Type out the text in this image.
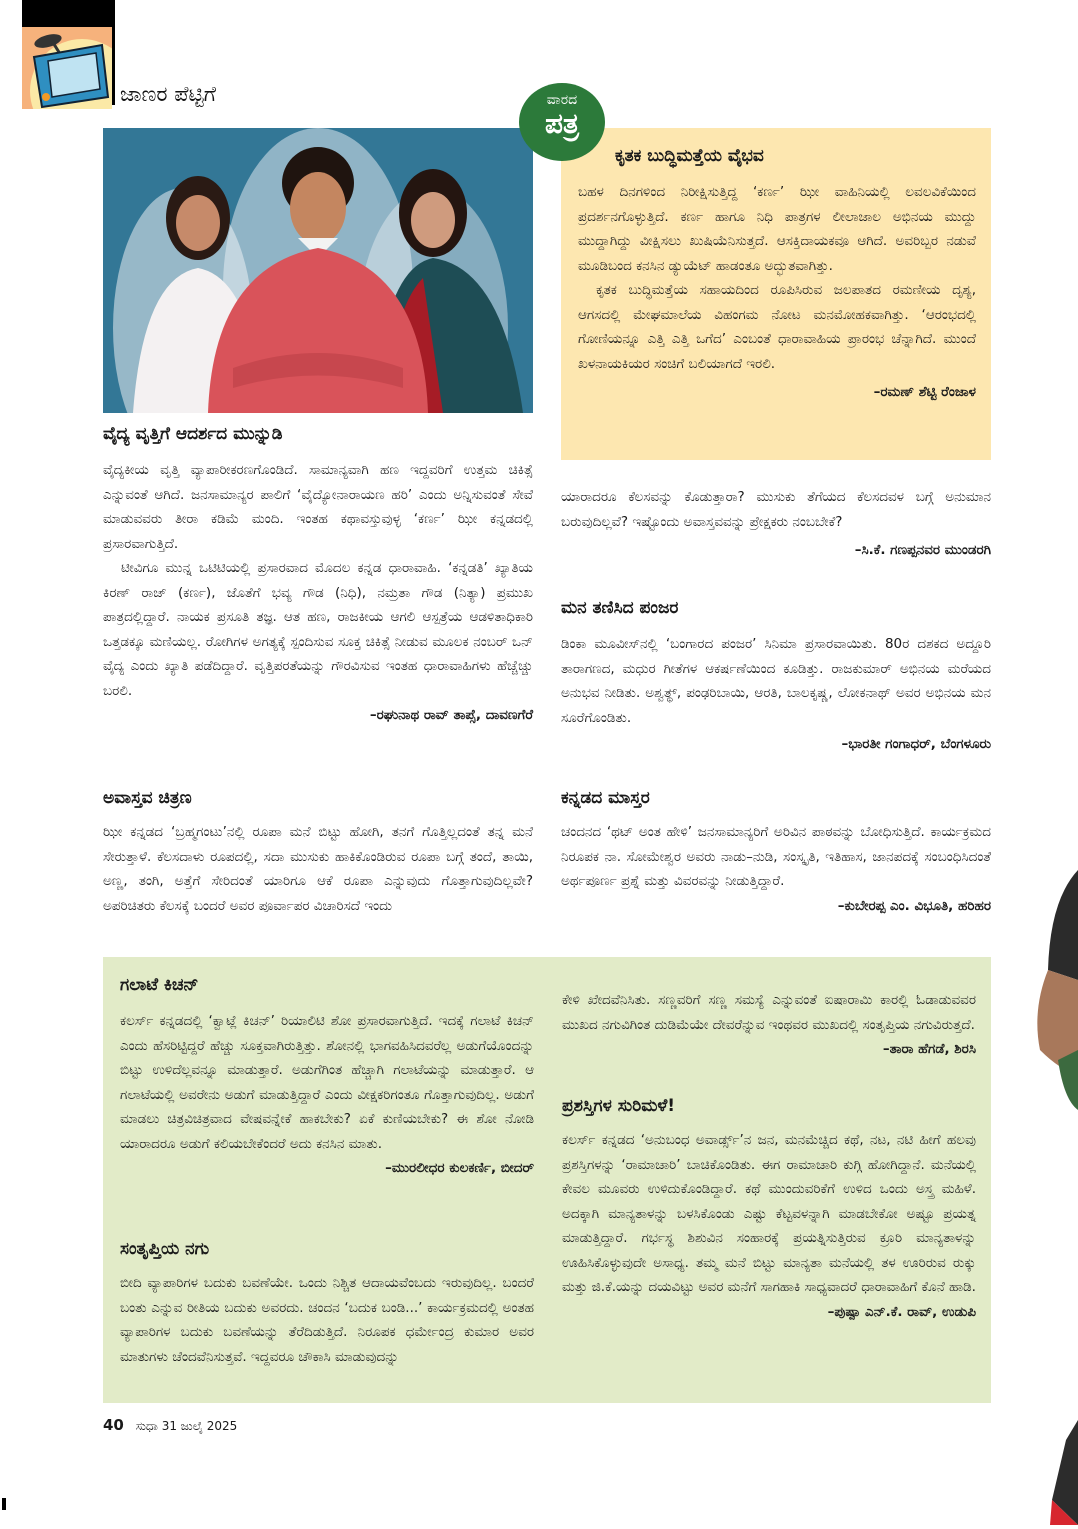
ಜಾಣರ ಪೆಟ್ಟಿಗೆ	ವಾರದ
ಪತ್ರ
ಕೃತಕ ಬುದ್ಧಿಮತ್ತೆಯ ವೈಭವ

ಬಹಳ ದಿನಗಳಿಂದ ನಿರೀಕ್ಷಿಸುತ್ತಿದ್ದ ‘ಕರ್ಣ’ ಝೀ ವಾಹಿನಿಯಲ್ಲಿ ಲವಲವಿಕೆಯಿಂದ ಪ್ರದರ್ಶನಗೊಳ್ಳುತ್ತಿದೆ. ಕರ್ಣ ಹಾಗೂ ನಿಧಿ ಪಾತ್ರಗಳ ಲೀಲಾಜಾಲ ಅಭಿನಯ ಮುದ್ದು ಮುದ್ದಾಗಿದ್ದು ವೀಕ್ಷಿಸಲು ಖುಷಿಯೆನಿಸುತ್ತದೆ. ಆಸಕ್ತಿದಾಯಕವೂ ಆಗಿದೆ. ಅವರಿಬ್ಬರ ನಡುವೆ ಮೂಡಿಬಂದ ಕನಸಿನ ಡ್ಯುಯೆಟ್ ಹಾಡಂತೂ ಅದ್ಭುತವಾಗಿತ್ತು.

ಕೃತಕ ಬುದ್ಧಿಮತ್ತೆಯ ಸಹಾಯದಿಂದ ರೂಪಿಸಿರುವ ಜಲಪಾತದ ರಮಣೀಯ ದೃಶ್ಯ, ಆಗಸದಲ್ಲಿ ಮೇಘಮಾಲೆಯ ವಿಹಂಗಮ ನೋಟ ಮನಮೋಹಕವಾಗಿತ್ತು. ‘ಆರಂಭದಲ್ಲಿ ಗೋಣಿಯನ್ನೂ ಎತ್ತಿ ಎತ್ತಿ ಒಗೆದ’ ಎಂಬಂತೆ ಧಾರಾವಾಹಿಯ ಪ್ರಾರಂಭ ಚೆನ್ನಾಗಿದೆ. ಮುಂದೆ ಖಳನಾಯಕಿಯರ ಸಂಚಿಗೆ ಬಲಿಯಾಗದೆ ಇರಲಿ.

–ರಮಣ್ ಶೆಟ್ಟಿ ರೆಂಜಾಳ

ವೈದ್ಯ ವೃತ್ತಿಗೆ ಆದರ್ಶದ ಮುನ್ನುಡಿ

ವೈದ್ಯಕೀಯ ವೃತ್ತಿ ವ್ಯಾಪಾರೀಕರಣಗೊಂಡಿದೆ. ಸಾಮಾನ್ಯವಾಗಿ ಹಣ ಇದ್ದವರಿಗೆ ಉತ್ತಮ ಚಿಕಿತ್ಸೆ ಎನ್ನುವಂತೆ ಆಗಿದೆ. ಜನಸಾಮಾನ್ಯರ ಪಾಲಿಗೆ ‘ವೈದ್ಯೋನಾರಾಯಣ ಹರಿ’ ಎಂದು ಅನ್ನಿಸುವಂತೆ ಸೇವೆ ಮಾಡುವವರು ತೀರಾ ಕಡಿಮೆ ಮಂದಿ. ಇಂತಹ ಕಥಾವಸ್ತುವುಳ್ಳ ‘ಕರ್ಣ’ ಝೀ ಕನ್ನಡದಲ್ಲಿ ಪ್ರಸಾರವಾಗುತ್ತಿದೆ.

ಟೀವಿಗೂ ಮುನ್ನ ಒಟಿಟಿಯಲ್ಲಿ ಪ್ರಸಾರವಾದ ಮೊದಲ ಕನ್ನಡ ಧಾರಾವಾಹಿ. ‘ಕನ್ನಡತಿ’ ಖ್ಯಾತಿಯ ಕಿರಣ್ ರಾಜ್ (ಕರ್ಣ), ಜೊತೆಗೆ ಭವ್ಯ ಗೌಡ (ನಿಧಿ), ನಮ್ರತಾ ಗೌಡ (ನಿತ್ಯಾ) ಪ್ರಮುಖ ಪಾತ್ರದಲ್ಲಿದ್ದಾರೆ. ನಾಯಕ ಪ್ರಸೂತಿ ತಜ್ಞ. ಆತ ಹಣ, ರಾಜಕೀಯ ಆಗಲಿ ಆಸ್ಪತ್ರೆಯ ಆಡಳಿತಾಧಿಕಾರಿ ಒತ್ತಡಕ್ಕೂ ಮಣಿಯಲ್ಲ. ರೋಗಿಗಳ ಅಗತ್ಯಕ್ಕೆ ಸ್ಪಂದಿಸುವ ಸೂಕ್ತ ಚಿಕಿತ್ಸೆ ನೀಡುವ ಮೂಲಕ ನಂಬರ್ ಒನ್ ವೈದ್ಯ ಎಂದು ಖ್ಯಾತಿ ಪಡೆದಿದ್ದಾರೆ. ವೃತ್ತಿಪರತೆಯನ್ನು ಗೌರವಿಸುವ ಇಂತಹ ಧಾರಾವಾಹಿಗಳು ಹೆಚ್ಚೆಚ್ಚು ಬರಲಿ.

–ರಘುನಾಥ ರಾವ್ ತಾಪ್ಸೆ, ದಾವಣಗೆರೆ

ಅವಾಸ್ತವ ಚಿತ್ರಣ

ಝೀ ಕನ್ನಡದ ‘ಬ್ರಹ್ಮಗಂಟು’ನಲ್ಲಿ ರೂಪಾ ಮನೆ ಬಿಟ್ಟು ಹೋಗಿ, ತನಗೆ ಗೊತ್ತಿಲ್ಲದಂತೆ ತನ್ನ ಮನೆ ಸೇರುತ್ತಾಳೆ. ಕೆಲಸದಾಳು ರೂಪದಲ್ಲಿ, ಸದಾ ಮುಸುಕು ಹಾಕಿಕೊಂಡಿರುವ ರೂಪಾ ಬಗ್ಗೆ ತಂದೆ, ತಾಯಿ, ಅಣ್ಣ, ತಂಗಿ, ಅತ್ತೆಗೆ ಸೇರಿದಂತೆ ಯಾರಿಗೂ ಆಕೆ ರೂಪಾ ಎನ್ನುವುದು ಗೊತ್ತಾಗುವುದಿಲ್ಲವೇ? ಅಪರಿಚಿತರು ಕೆಲಸಕ್ಕೆ ಬಂದರೆ ಅವರ ಪೂರ್ವಾಪರ ವಿಚಾರಿಸದೆ ಇಂದು

ಯಾರಾದರೂ ಕೆಲಸವನ್ನು ಕೊಡುತ್ತಾರಾ? ಮುಸುಕು ತೆಗೆಯದ ಕೆಲಸದವಳ ಬಗ್ಗೆ ಅನುಮಾನ ಬರುವುದಿಲ್ಲವೆ? ಇಷ್ಟೊಂದು ಅವಾಸ್ತವವನ್ನು ಪ್ರೇಕ್ಷಕರು ನಂಬಬೇಕೆ?

–ಸಿ.ಕೆ. ಗಣಪ್ಪನವರ ಮುಂಡರಗಿ

ಮನ ತಣಿಸಿದ ಪಂಜರ

ಡಿಂಕಾ ಮೂವೀಸ್‌ನಲ್ಲಿ ‘ಬಂಗಾರದ ಪಂಜರ’ ಸಿನಿಮಾ ಪ್ರಸಾರವಾಯಿತು. 80ರ ದಶಕದ ಅದ್ದೂರಿ ತಾರಾಗಣದ, ಮಧುರ ಗೀತೆಗಳ ಆಕರ್ಷಣೆಯಿಂದ ಕೂಡಿತ್ತು. ರಾಜಕುಮಾರ್ ಅಭಿನಯ ಮರೆಯದ ಅನುಭವ ನೀಡಿತು. ಅಶ್ವತ್ಥ್, ಪಂಢರಿಬಾಯಿ, ಆರತಿ, ಬಾಲಕೃಷ್ಣ, ಲೋಕನಾಥ್ ಅವರ ಅಭಿನಯ ಮನ ಸೂರೆಗೊಂಡಿತು.

–ಭಾರತೀ ಗಂಗಾಧರ್, ಬೆಂಗಳೂರು

ಕನ್ನಡದ ಮಾಸ್ತರ

ಚಂದನದ ‘ಥಟ್ ಅಂತ ಹೇಳಿ’ ಜನಸಾಮಾನ್ಯರಿಗೆ ಅರಿವಿನ ಪಾಠವನ್ನು ಬೋಧಿಸುತ್ತಿದೆ. ಕಾರ್ಯಕ್ರಮದ ನಿರೂಪಕ ನಾ. ಸೋಮೇಶ್ವರ ಅವರು ನಾಡು–ನುಡಿ, ಸಂಸ್ಕೃತಿ, ಇತಿಹಾಸ, ಜಾನಪದಕ್ಕೆ ಸಂಬಂಧಿಸಿದಂತೆ ಅರ್ಥಪೂರ್ಣ ಪ್ರಶ್ನೆ ಮತ್ತು ವಿವರವನ್ನು ನೀಡುತ್ತಿದ್ದಾರೆ.

–ಕುಬೇರಪ್ಪ ಎಂ. ವಿಭೂತಿ, ಹರಿಹರ

ಗಲಾಟೆ ಕಿಚನ್

ಕಲರ್ಸ್ ಕನ್ನಡದಲ್ಲಿ ‘ಕ್ವಾಟ್ಲೆ ಕಿಚನ್’ ರಿಯಾಲಿಟಿ ಶೋ ಪ್ರಸಾರವಾಗುತ್ತಿದೆ. ಇದಕ್ಕೆ ಗಲಾಟೆ ಕಿಚನ್ ಎಂದು ಹೆಸರಿಟ್ಟಿದ್ದರೆ ಹೆಚ್ಚು ಸೂಕ್ತವಾಗಿರುತ್ತಿತ್ತು. ಶೋನಲ್ಲಿ ಭಾಗವಹಿಸಿದವರೆಲ್ಲ ಅಡುಗೆಯೊಂದನ್ನು ಬಿಟ್ಟು ಉಳಿದೆಲ್ಲವನ್ನೂ ಮಾಡುತ್ತಾರೆ. ಅಡುಗೆಗಿಂತ ಹೆಚ್ಚಾಗಿ ಗಲಾಟೆಯನ್ನು ಮಾಡುತ್ತಾರೆ. ಆ ಗಲಾಟೆಯಲ್ಲಿ ಅವರೇನು ಅಡುಗೆ ಮಾಡುತ್ತಿದ್ದಾರೆ ಎಂದು ವೀಕ್ಷಕರಿಗಂತೂ ಗೊತ್ತಾಗುವುದಿಲ್ಲ. ಅಡುಗೆ ಮಾಡಲು ಚಿತ್ರವಿಚಿತ್ರವಾದ ವೇಷವನ್ನೇಕೆ ಹಾಕಬೇಕು? ಏಕೆ ಕುಣಿಯಬೇಕು? ಈ ಶೋ ನೋಡಿ ಯಾರಾದರೂ ಅಡುಗೆ ಕಲಿಯಬೇಕೆಂದರೆ ಅದು ಕನಸಿನ ಮಾತು.

–ಮುರಲೀಧರ ಕುಲಕರ್ಣಿ, ಬೀದರ್

ಸಂತೃಪ್ತಿಯ ನಗು

ಬೀದಿ ವ್ಯಾಪಾರಿಗಳ ಬದುಕು ಬವಣೆಯೇ. ಒಂದು ನಿಶ್ಚಿತ ಆದಾಯವೆಂಬದು ಇರುವುದಿಲ್ಲ. ಬಂದರೆ ಬಂತು ಎನ್ನುವ ರೀತಿಯ ಬದುಕು ಅವರದು. ಚಂದನ ‘ಬದುಕ ಬಂಡಿ...’ ಕಾರ್ಯಕ್ರಮದಲ್ಲಿ ಅಂತಹ ವ್ಯಾಪಾರಿಗಳ ಬದುಕು ಬವಣೆಯನ್ನು ತೆರೆದಿಡುತ್ತಿದೆ. ನಿರೂಪಕ ಧರ್ಮೇಂದ್ರ ಕುಮಾರ ಅವರ ಮಾತುಗಳು ಚೆಂದವೆನಿಸುತ್ತವೆ. ಇದ್ದವರೂ ಚೌಕಾಸಿ ಮಾಡುವುದನ್ನು

ಕೇಳಿ ಖೇದವೆನಿಸಿತು. ಸಣ್ಣವರಿಗೆ ಸಣ್ಣ ಸಮಸ್ಯೆ ಎನ್ನುವಂತೆ ಐಷಾರಾಮಿ ಕಾರಲ್ಲಿ ಓಡಾಡುವವರ ಮುಖದ ನಗುವಿಗಿಂತ ದುಡಿಮೆಯೇ ದೇವರೆನ್ನುವ ಇಂಥವರ ಮುಖದಲ್ಲಿ ಸಂತೃಪ್ತಿಯ ನಗುವಿರುತ್ತದೆ.

–ತಾರಾ ಹೆಗಡೆ, ಶಿರಸಿ

ಪ್ರಶಸ್ತಿಗಳ ಸುರಿಮಳೆ!

ಕಲರ್ಸ್ ಕನ್ನಡದ ‘ಅನುಬಂಧ ಅವಾರ್ಡ್ಸ್’ನ ಜನ, ಮನಮೆಚ್ಚಿದ ಕಥೆ, ನಟ, ನಟಿ ಹೀಗೆ ಹಲವು ಪ್ರಶಸ್ತಿಗಳನ್ನು ‘ರಾಮಾಚಾರಿ’ ಬಾಚಿಕೊಂಡಿತು. ಈಗ ರಾಮಾಚಾರಿ ಕುಗ್ಗಿ ಹೋಗಿದ್ದಾನೆ. ಮನೆಯಲ್ಲಿ ಕೇವಲ ಮೂವರು ಉಳಿದುಕೊಂಡಿದ್ದಾರೆ. ಕಥೆ ಮುಂದುವರಿಕೆಗೆ ಉಳಿದ ಒಂದು ಅಸ್ತ್ರ ಮಹಿಳೆ. ಅದಕ್ಕಾಗಿ ಮಾನ್ಯತಾಳನ್ನು ಬಳಸಿಕೊಂಡು ಎಷ್ಟು ಕೆಟ್ಟವಳನ್ನಾಗಿ ಮಾಡಬೇಕೋ ಅಷ್ಟೂ ಪ್ರಯತ್ನ ಮಾಡುತ್ತಿದ್ದಾರೆ. ಗರ್ಭಸ್ಥ ಶಿಶುವಿನ ಸಂಹಾರಕ್ಕೆ ಪ್ರಯತ್ನಿಸುತ್ತಿರುವ ಕ್ರೂರಿ ಮಾನ್ಯತಾಳನ್ನು ಊಹಿಸಿಕೊಳ್ಳುವುದೇ ಅಸಾಧ್ಯ. ತಮ್ಮ ಮನೆ ಬಿಟ್ಟು ಮಾನ್ಯತಾ ಮನೆಯಲ್ಲಿ ತಳ ಊರಿರುವ ರುಕ್ಕು ಮತ್ತು ಜಿ.ಕೆ.ಯನ್ನು ದಯವಿಟ್ಟು ಅವರ ಮನೆಗೆ ಸಾಗಹಾಕಿ ಸಾಧ್ಯವಾದರೆ ಧಾರಾವಾಹಿಗೆ ಕೊನೆ ಹಾಡಿ.

–ಪುಷ್ಪಾ ಎನ್.ಕೆ. ರಾವ್, ಉಡುಪಿ

40 ಸುಧಾ 31 ಜುಲೈ 2025
